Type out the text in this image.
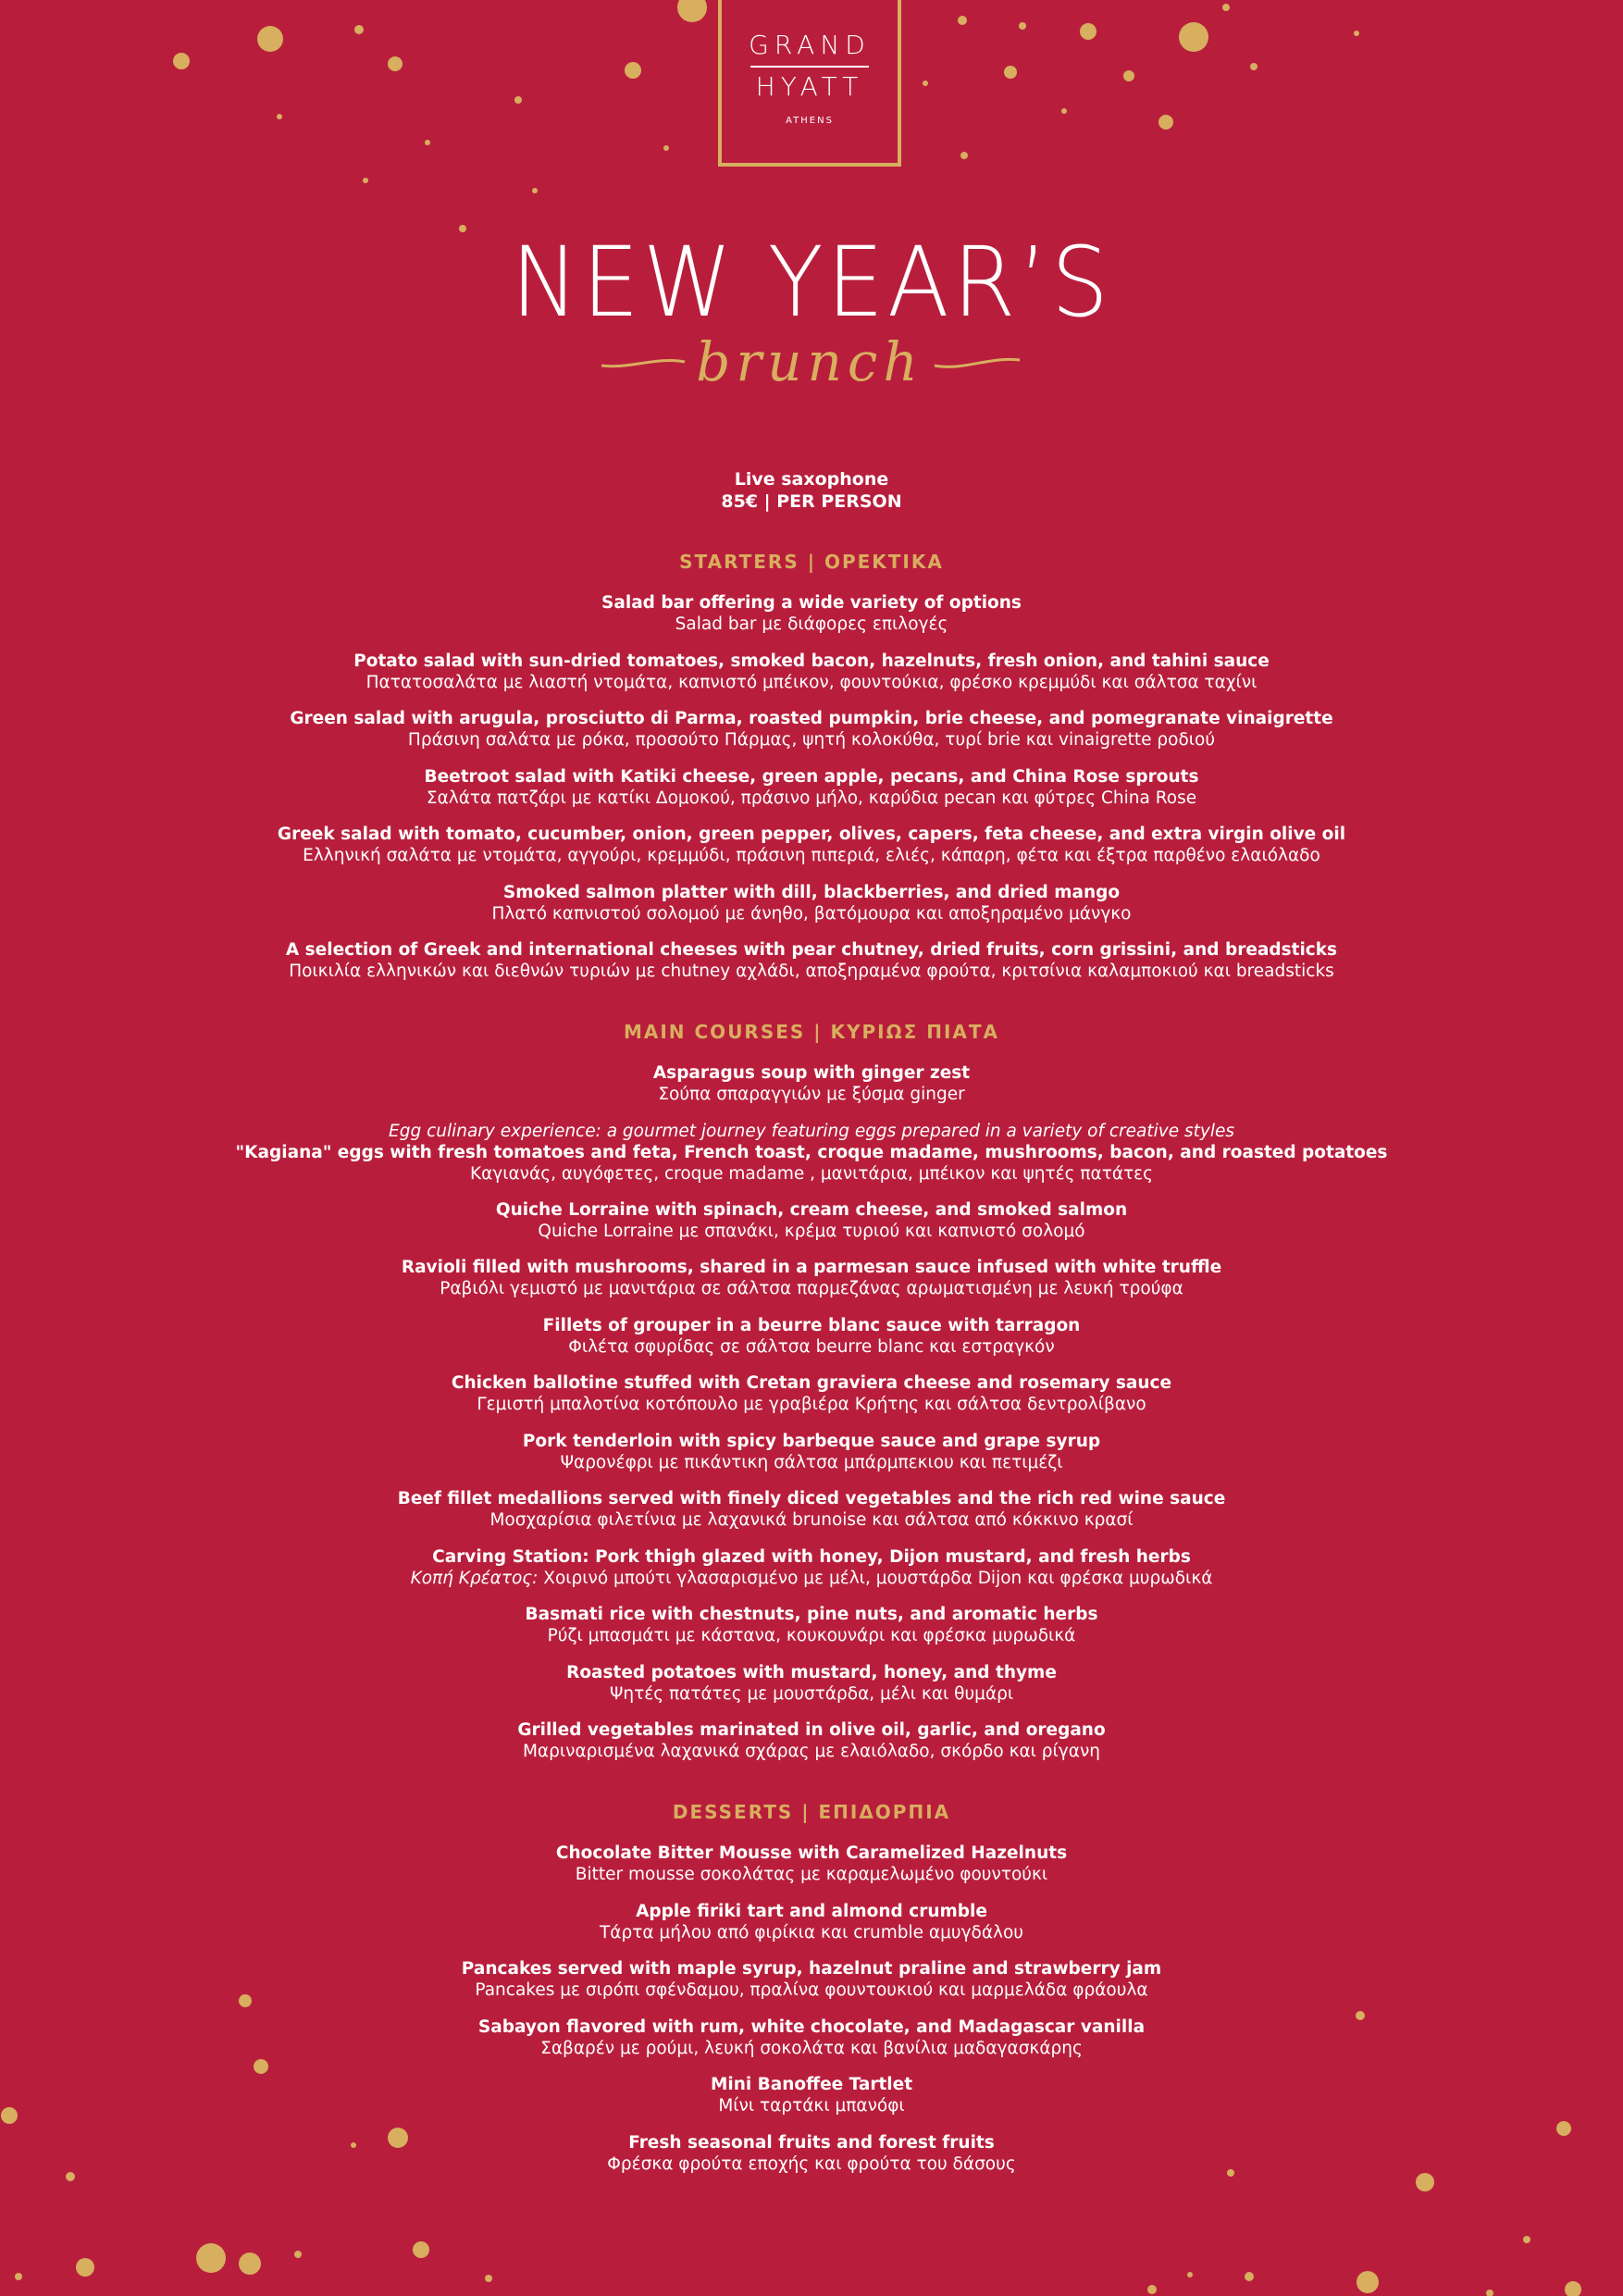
GRAND
HYATT
ATHENS
NEW YEAR’S
brunch
Live saxophone
85€ | PER PERSON
STARTERS | ΟΡΕΚΤΙΚΑ
Salad bar offering a wide variety of options
Salad bar με διάφορες επιλογές
Potato salad with sun-dried tomatoes, smoked bacon, hazelnuts, fresh onion, and tahini sauce
Πατατοσαλάτα με λιαστή ντομάτα, καπνιστό μπέικον, φουντούκια, φρέσκο κρεμμύδι και σάλτσα ταχίνι
Green salad with arugula, prosciutto di Parma, roasted pumpkin, brie cheese, and pomegranate vinaigrette
Πράσινη σαλάτα με ρόκα, προσούτο Πάρμας, ψητή κολοκύθα, τυρί brie και vinaigrette ροδιού
Beetroot salad with Katiki cheese, green apple, pecans, and China Rose sprouts
Σαλάτα πατζάρι με κατίκι Δομοκού, πράσινο μήλο, καρύδια pecan και φύτρες China Rose
Greek salad with tomato, cucumber, onion, green pepper, olives, capers, feta cheese, and extra virgin olive oil
Ελληνική σαλάτα με ντομάτα, αγγούρι, κρεμμύδι, πράσινη πιπεριά, ελιές, κάπαρη, φέτα και έξτρα παρθένο ελαιόλαδο
Smoked salmon platter with dill, blackberries, and dried mango
Πλατό καπνιστού σολομού με άνηθο, βατόμουρα και αποξηραμένο μάνγκο
A selection of Greek and international cheeses with pear chutney, dried fruits, corn grissini, and breadsticks
Ποικιλία ελληνικών και διεθνών τυριών με chutney αχλάδι, αποξηραμένα φρούτα, κριτσίνια καλαμποκιού και breadsticks
MAIN COURSES | ΚΥΡΙΩΣ ΠΙΑΤΑ
Asparagus soup with ginger zest
Σούπα σπαραγγιών με ξύσμα ginger
Egg culinary experience: a gourmet journey featuring eggs prepared in a variety of creative styles
"Kagiana" eggs with fresh tomatoes and feta, French toast, croque madame, mushrooms, bacon, and roasted potatoes
Καγιανάς, αυγόφετες, croque madame , μανιτάρια, μπέικον και ψητές πατάτες
Quiche Lorraine with spinach, cream cheese, and smoked salmon
Quiche Lorraine με σπανάκι, κρέμα τυριού και καπνιστό σολομό
Ravioli filled with mushrooms, shared in a parmesan sauce infused with white truffle
Ραβιόλι γεμιστό με μανιτάρια σε σάλτσα παρμεζάνας αρωματισμένη με λευκή τρούφα
Fillets of grouper in a beurre blanc sauce with tarragon
Φιλέτα σφυρίδας σε σάλτσα beurre blanc και εστραγκόν
Chicken ballotine stuffed with Cretan graviera cheese and rosemary sauce
Γεμιστή μπαλοτίνα κοτόπουλο με γραβιέρα Κρήτης και σάλτσα δεντρολίβανο
Pork tenderloin with spicy barbeque sauce and grape syrup
Ψαρονέφρι με πικάντικη σάλτσα μπάρμπεκιου και πετιμέζι
Beef fillet medallions served with finely diced vegetables and the rich red wine sauce
Μοσχαρίσια φιλετίνια με λαχανικά brunoise και σάλτσα από κόκκινο κρασί
Carving Station: Pork thigh glazed with honey, Dijon mustard, and fresh herbs
Κοπή Κρέατος: Χοιρινό μπούτι γλασαρισμένο με μέλι, μουστάρδα Dijon και φρέσκα μυρωδικά
Basmati rice with chestnuts, pine nuts, and aromatic herbs
Ρύζι μπασμάτι με κάστανα, κουκουνάρι και φρέσκα μυρωδικά
Roasted potatoes with mustard, honey, and thyme
Ψητές πατάτες με μουστάρδα, μέλι και θυμάρι
Grilled vegetables marinated in olive oil, garlic, and oregano
Μαριναρισμένα λαχανικά σχάρας με ελαιόλαδο, σκόρδο και ρίγανη
DESSERTS | ΕΠΙΔΟΡΠΙΑ
Chocolate Bitter Mousse with Caramelized Hazelnuts
Bitter mousse σοκολάτας με καραμελωμένο φουντούκι
Apple firiki tart and almond crumble
Τάρτα μήλου από φιρίκια και crumble αμυγδάλου
Pancakes served with maple syrup, hazelnut praline and strawberry jam
Pancakes με σιρόπι σφένδαμου, πραλίνα φουντουκιού και μαρμελάδα φράουλα
Sabayon flavored with rum, white chocolate, and Madagascar vanilla
Σαβαρέν με ρούμι, λευκή σοκολάτα και βανίλια μαδαγασκάρης
Mini Banoffee Tartlet
Μίνι ταρτάκι μπανόφι
Fresh seasonal fruits and forest fruits
Φρέσκα φρούτα εποχής και φρούτα του δάσους
